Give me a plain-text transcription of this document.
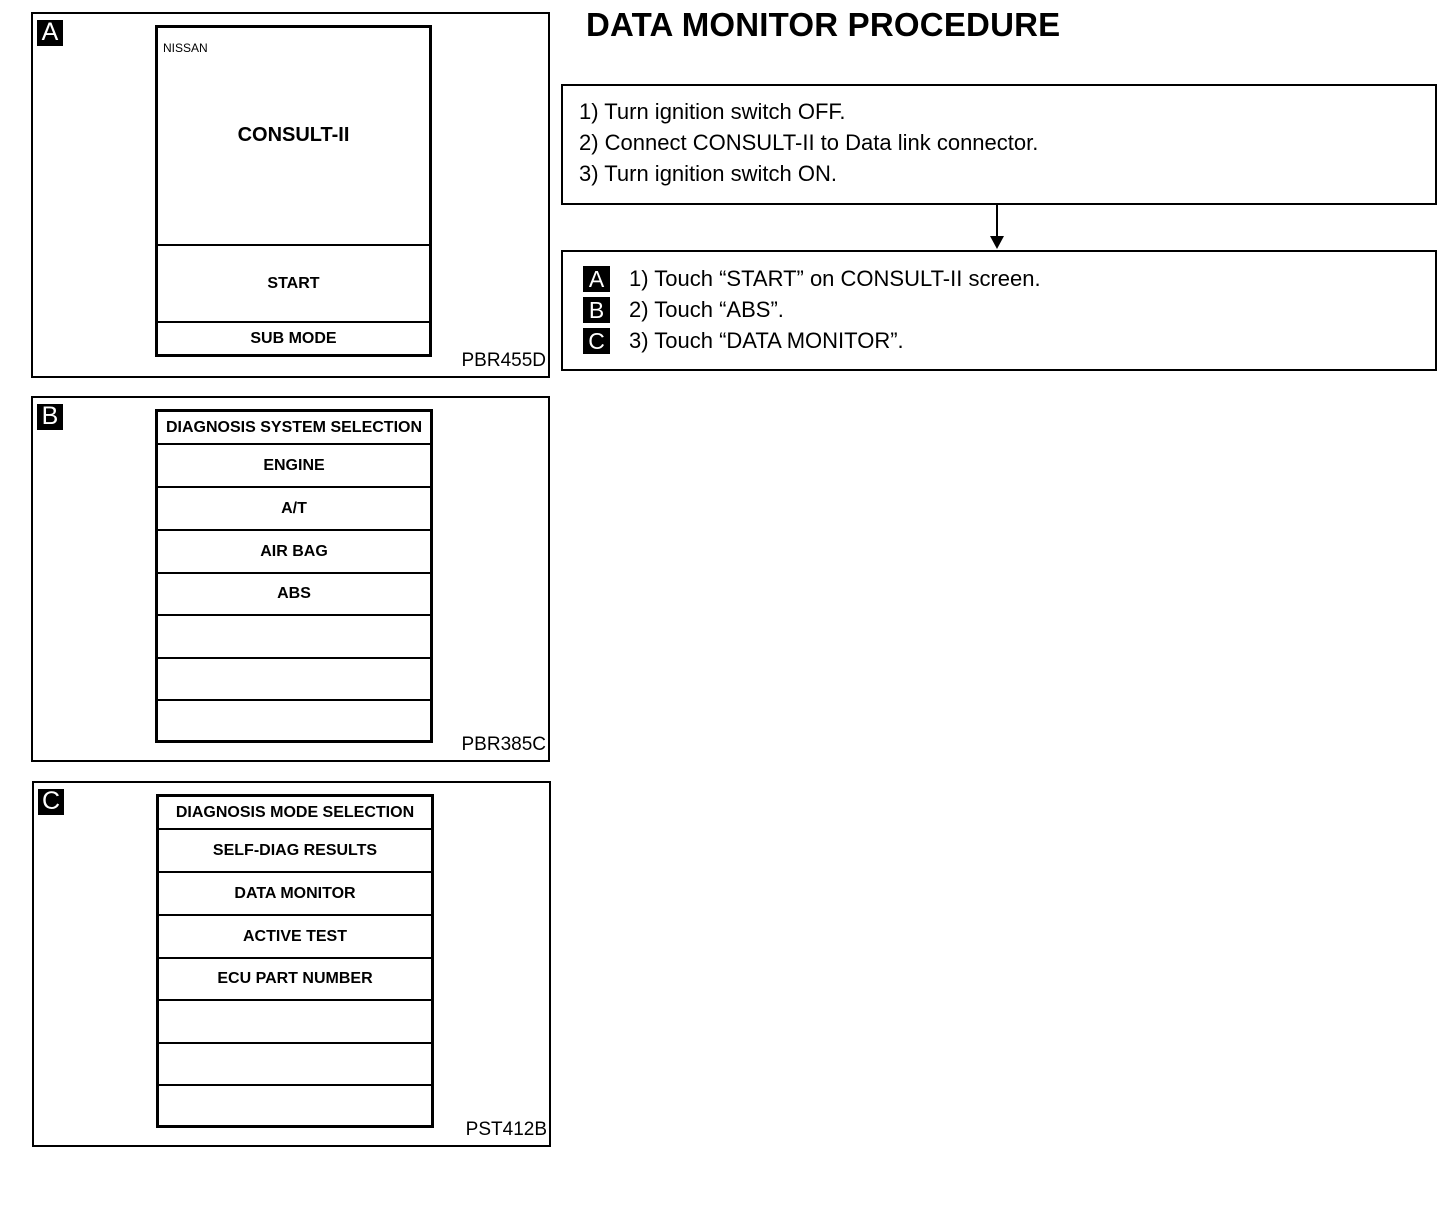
A
NISSAN
CONSULT-II
START
SUB MODE
PBR455D
B	DIAGNOSIS SYSTEM SELECTION
ENGINE
A/T
AIR BAG
ABS
PBR385C
C	DIAGNOSIS MODE SELECTION
SELF-DIAG RESULTS
DATA MONITOR
ACTIVE TEST
ECU PART NUMBER
PST412B
DATA MONITOR PROCEDURE
1) Turn ignition switch OFF.
2) Connect CONSULT-II to Data link connector.
3) Turn ignition switch ON.
A 1) Touch “START” on CONSULT-II screen.
B 2) Touch “ABS”.
C 3) Touch “DATA MONITOR”.
